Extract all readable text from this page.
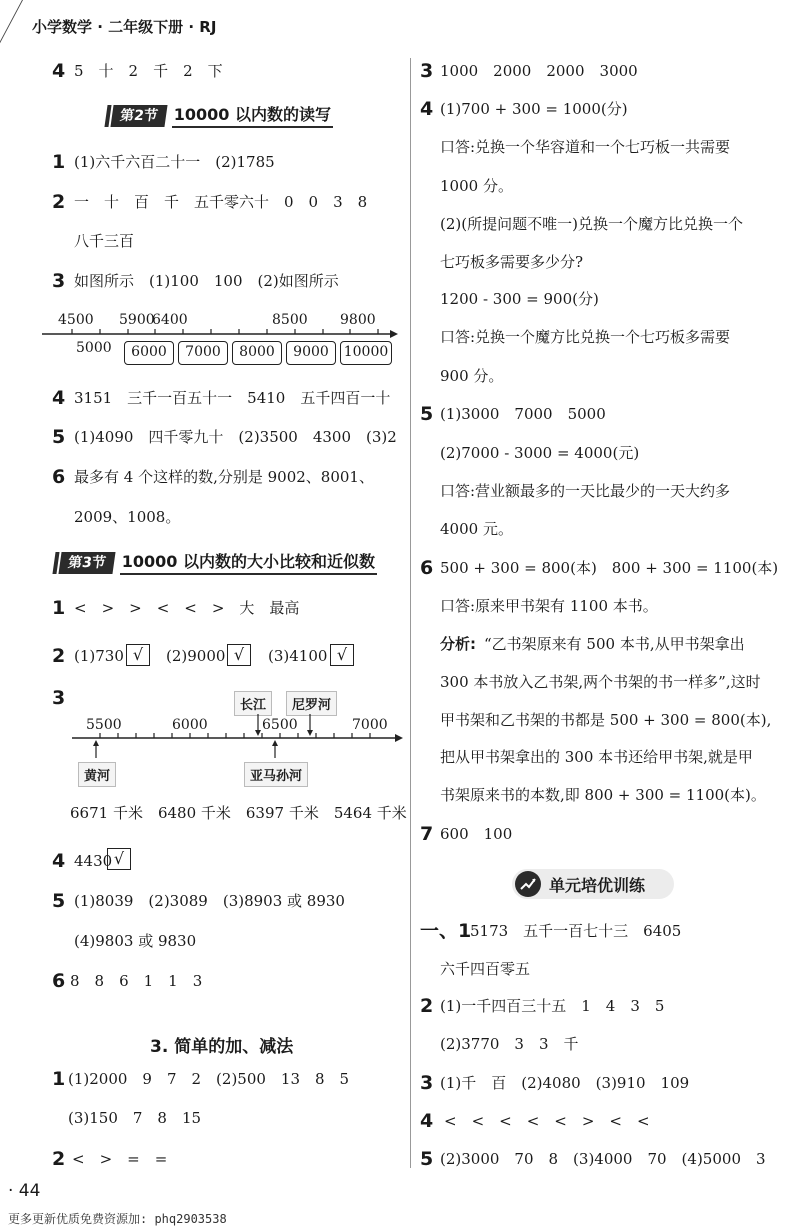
小学数学 · 二年级下册 · RJ
4 5　十　2　千　2　下
第2节 10000 以内数的读写
1 (1)六千六百二十一　(2)1785
2 一　十　百　千　五千零六十　0　0　3　8
八千三百
3 如图所示　(1)100　100　(2)如图所示
4500 5900
6400	8500 9800
5000	6000	7000	8000	9000	10000
4 3151　三千一百五十一　5410　五千四百一十
5 (1)4090　四千零九十　(2)3500　4300　(3)2
6 最多有 4 个这样的数,分别是 9002、8001、
2009、1008。
第3节 10000 以内数的大小比较和近似数
1 <　>　>　<　<　>　大　最高
2 (1)730 √	(2)9000 √	(3)4100 √
3	长江	尼罗河
5500	6000	6500	7000
黄河	亚马孙河
6671 千米　6480 千米　6397 千米　5464 千米
4 4430 √
5 (1)8039　(2)3089　(3)8903 或 8930
(4)9803 或 9830
6 8　8　6　1　1　3
3. 简单的加、减法
1 (1)2000　9　7　2　(2)500　13　8　5
(3)150　7　8　15
2 <　>　=　=
3 1000　2000　2000　3000
4 (1)700 + 300 = 1000(分)
口答:兑换一个华容道和一个七巧板一共需要
1000 分。
(2)(所提问题不唯一)兑换一个魔方比兑换一个
七巧板多需要多少分?
1200 - 300 = 900(分)
口答:兑换一个魔方比兑换一个七巧板多需要
900 分。
5 (1)3000　7000　5000
(2)7000 - 3000 = 4000(元)
口答:营业额最多的一天比最少的一天大约多
4000 元。
6 500 + 300 = 800(本)　800 + 300 = 1100(本)
口答:原来甲书架有 1100 本书。
分析: “乙书架原来有 500 本书,从甲书架拿出
300 本书放入乙书架,两个书架的书一样多”,这时
甲书架和乙书架的书都是 500 + 300 = 800(本),
把从甲书架拿出的 300 本书还给甲书架,就是甲
书架原来书的本数,即 800 + 300 = 1100(本)。
7 600　100
单元培优训练
一、1
5173　五千一百七十三　6405
六千四百零五
2 (1)一千四百三十五　1　4　3　5
(2)3770　3　3　千
3 (1)千　百　(2)4080　(3)910　109
4 <　<　<　<　<　>　<　<
5 (2)3000　70　8　(3)4000　70　(4)5000　3
· 44
更多更新优质免费资源加: phq2903538
